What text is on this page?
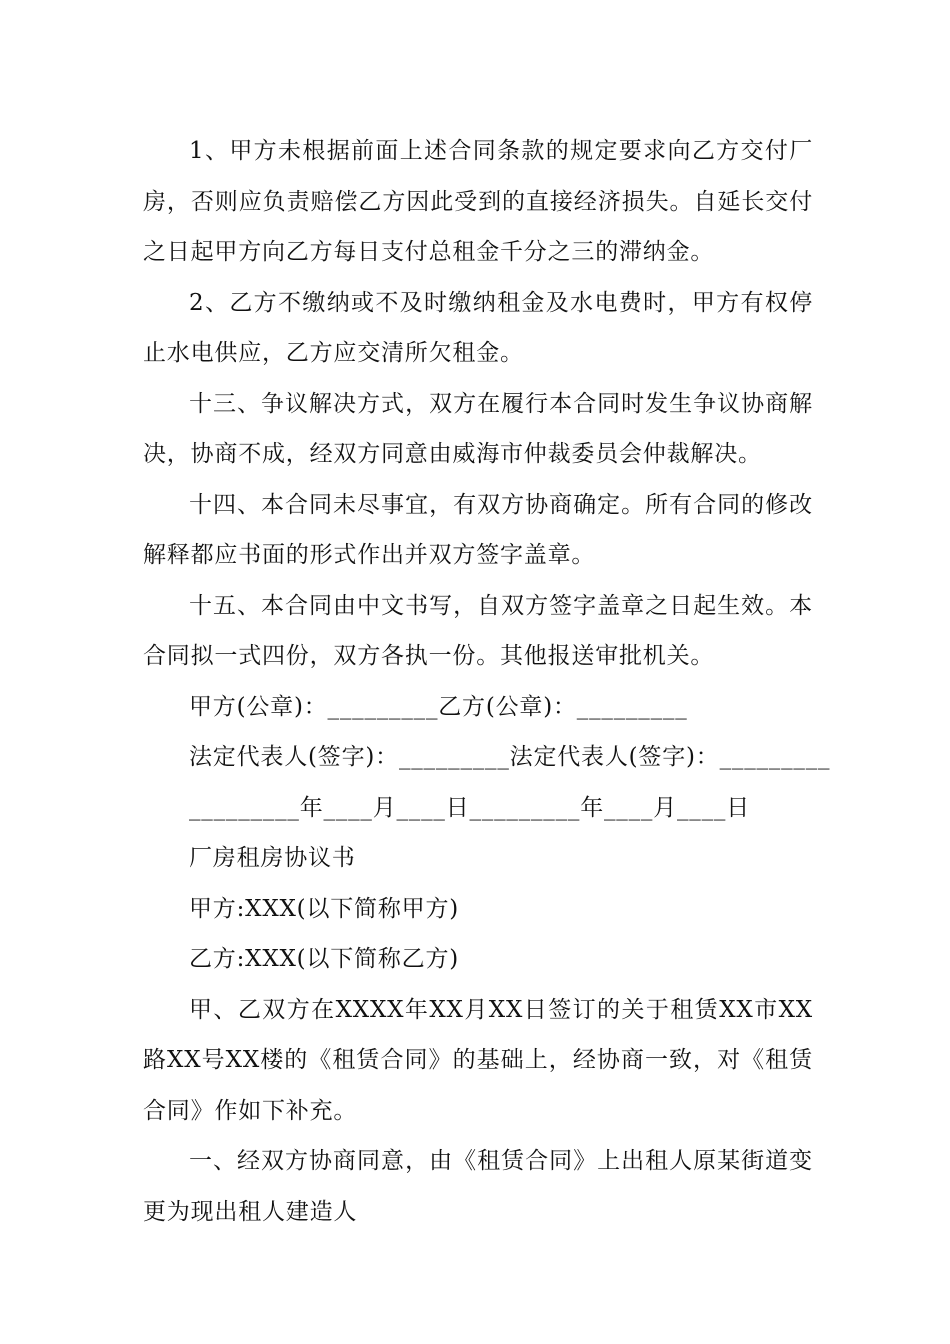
1、甲方未根据前面上述合同条款的规定要求向乙方交付厂房，否则应负责赔偿乙方因此受到的直接经济损失。自延长交付之日起甲方向乙方每日支付总租金千分之三的滞纳金。

2、乙方不缴纳或不及时缴纳租金及水电费时，甲方有权停止水电供应，乙方应交清所欠租金。

十三、争议解决方式，双方在履行本合同时发生争议协商解决，协商不成，经双方同意由威海市仲裁委员会仲裁解决。

十四、本合同未尽事宜，有双方协商确定。所有合同的修改解释都应书面的形式作出并双方签字盖章。

十五、本合同由中文书写，自双方签字盖章之日起生效。本合同拟一式四份，双方各执一份。其他报送审批机关。

甲方(公章)：_________乙方(公章)：_________

法定代表人(签字)：_________法定代表人(签字)：_________

_________年____月____日_________年____月____日

厂房租房协议书

甲方:XXX(以下简称甲方)

乙方:XXX(以下简称乙方)

甲、乙双方在XXXX年XX月XX日签订的关于租赁XX市XX路XX号XX楼的《租赁合同》的基础上，经协商一致，对《租赁合同》作如下补充。

一、经双方协商同意，由《租赁合同》上出租人原某街道变更为现出租人建造人
